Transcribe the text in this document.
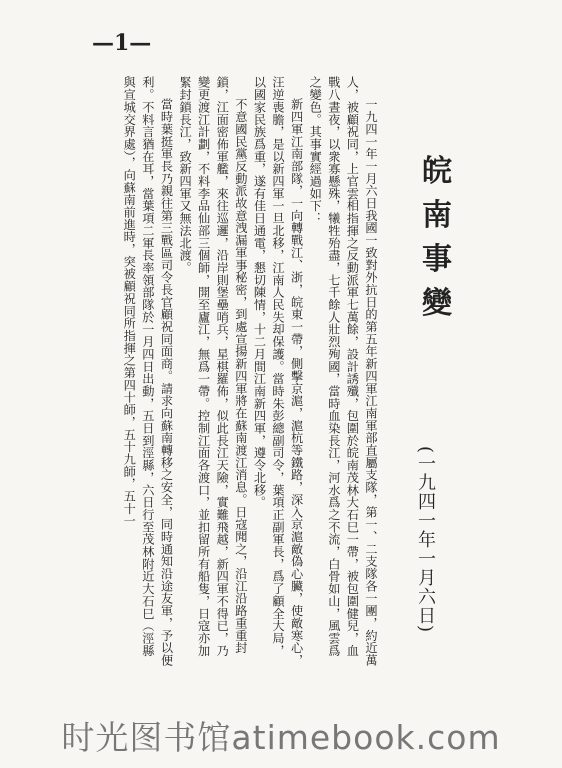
—1—
皖
南
事
變
(一九四一年一月六日)

一九四一年一月六日我國一致對外抗日的第五年新四軍江南軍部直屬支隊，第一、二支隊各一團，約近萬人，被顧祝同，上官雲相指揮之反動派軍七萬餘，設計誘殲，包圍於皖南茂林大石巳一帶，被包圍健兒，血戰八晝夜，以衆寡懸殊，犧牲殆盡，七千餘人壯烈殉國，當時血染長江，河水爲之不流，白骨如山，風雲爲之變色。其事實經過如下：

新四軍江南部隊，一向轉戰江、浙，皖東一帶，側擊京滬，滬杭等鐵路，深入京滬敵偽心臟，使敵寒心，汪逆喪膽，是以新四軍一旦北移，江南人民失却保護。當時朱彭總副司令，葉項正副軍長，爲了顧全大局，以國家民族爲重，遂有佳日通電，懇切陳情，十二月間江南新四軍，遵令北移。

不意國民黨反動派故意洩漏軍事秘密，到處宣揚新四軍將在蘇南渡江消息。日寇聞之，沿江沿路重重封鎖，江面密佈軍艦，來往巡邏，沿岸則堡壘哨兵，星棋羅佈，似此長江天險，實難飛越，新四軍不得已，乃變更渡江計劃，不料李品仙部三個師，開至廬江，無爲一帶。控制江面各渡口，並扣留所有船隻，日寇亦加緊封鎖長江，致新四軍又無法北渡。

當時葉挺軍長乃親往第三戰區司令長官顧祝同面商。請求向蘇南轉移之安全，同時通知沿途友軍，予以便利。不料言猶在耳，當葉項二軍長率領部隊於一月四日出動，五日到涇縣，六日行至茂林附近大石巳（涇縣與宣城交界處），向蘇南前進時，突被顧祝同所指揮之第四十師，五十九師，五十一

时光图书馆atimebook.com
